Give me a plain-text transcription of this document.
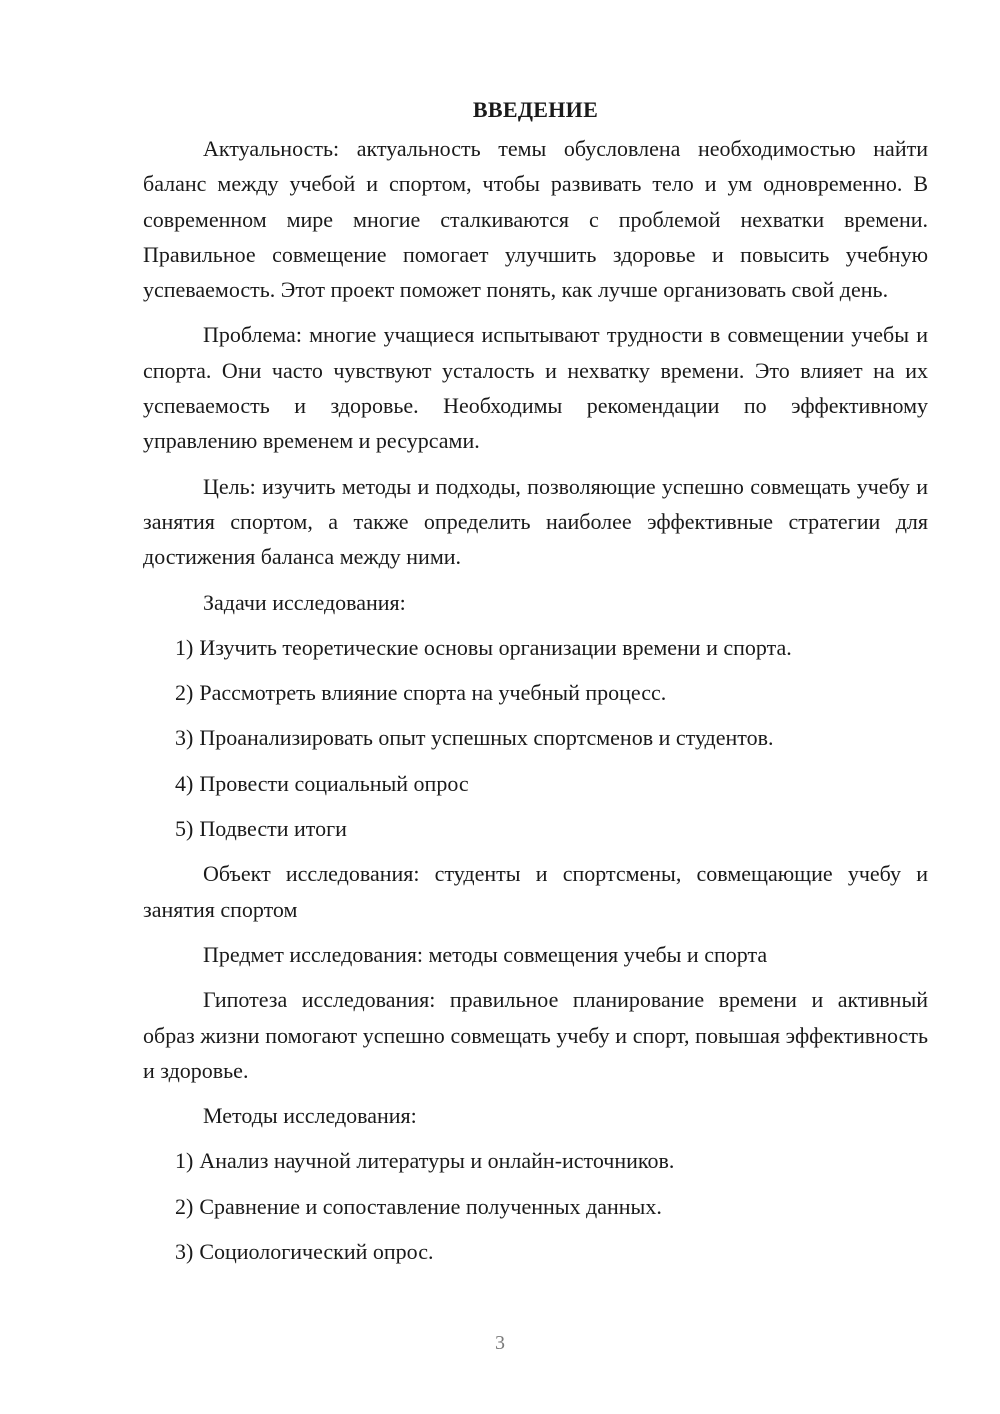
ВВЕДЕНИЕ

Актуальность: актуальность темы обусловлена необходимостью найти баланс между учебой и спортом, чтобы развивать тело и ум одновременно. В современном мире многие сталкиваются с проблемой нехватки времени. Правильное совмещение помогает улучшить здоровье и повысить учебную успеваемость. Этот проект поможет понять, как лучше организовать свой день.

Проблема: многие учащиеся испытывают трудности в совмещении учебы и спорта. Они часто чувствуют усталость и нехватку времени. Это влияет на их успеваемость и здоровье. Необходимы рекомендации по эффективному управлению временем и ресурсами.

Цель: изучить методы и подходы, позволяющие успешно совмещать учебу и занятия спортом, а также определить наиболее эффективные стратегии для достижения баланса между ними.

Задачи исследования:

1) Изучить теоретические основы организации времени и спорта.

2) Рассмотреть влияние спорта на учебный процесс.

3) Проанализировать опыт успешных спортсменов и студентов.

4) Провести социальный опрос

5) Подвести итоги

Объект исследования: студенты и спортсмены, совмещающие учебу и занятия спортом

Предмет исследования: методы совмещения учебы и спорта

Гипотеза исследования: правильное планирование времени и активный образ жизни помогают успешно совмещать учебу и спорт, повышая эффективность и здоровье.

Методы исследования:

1) Анализ научной литературы и онлайн-источников.

2) Сравнение и сопоставление полученных данных.

3) Социологический опрос.

3
